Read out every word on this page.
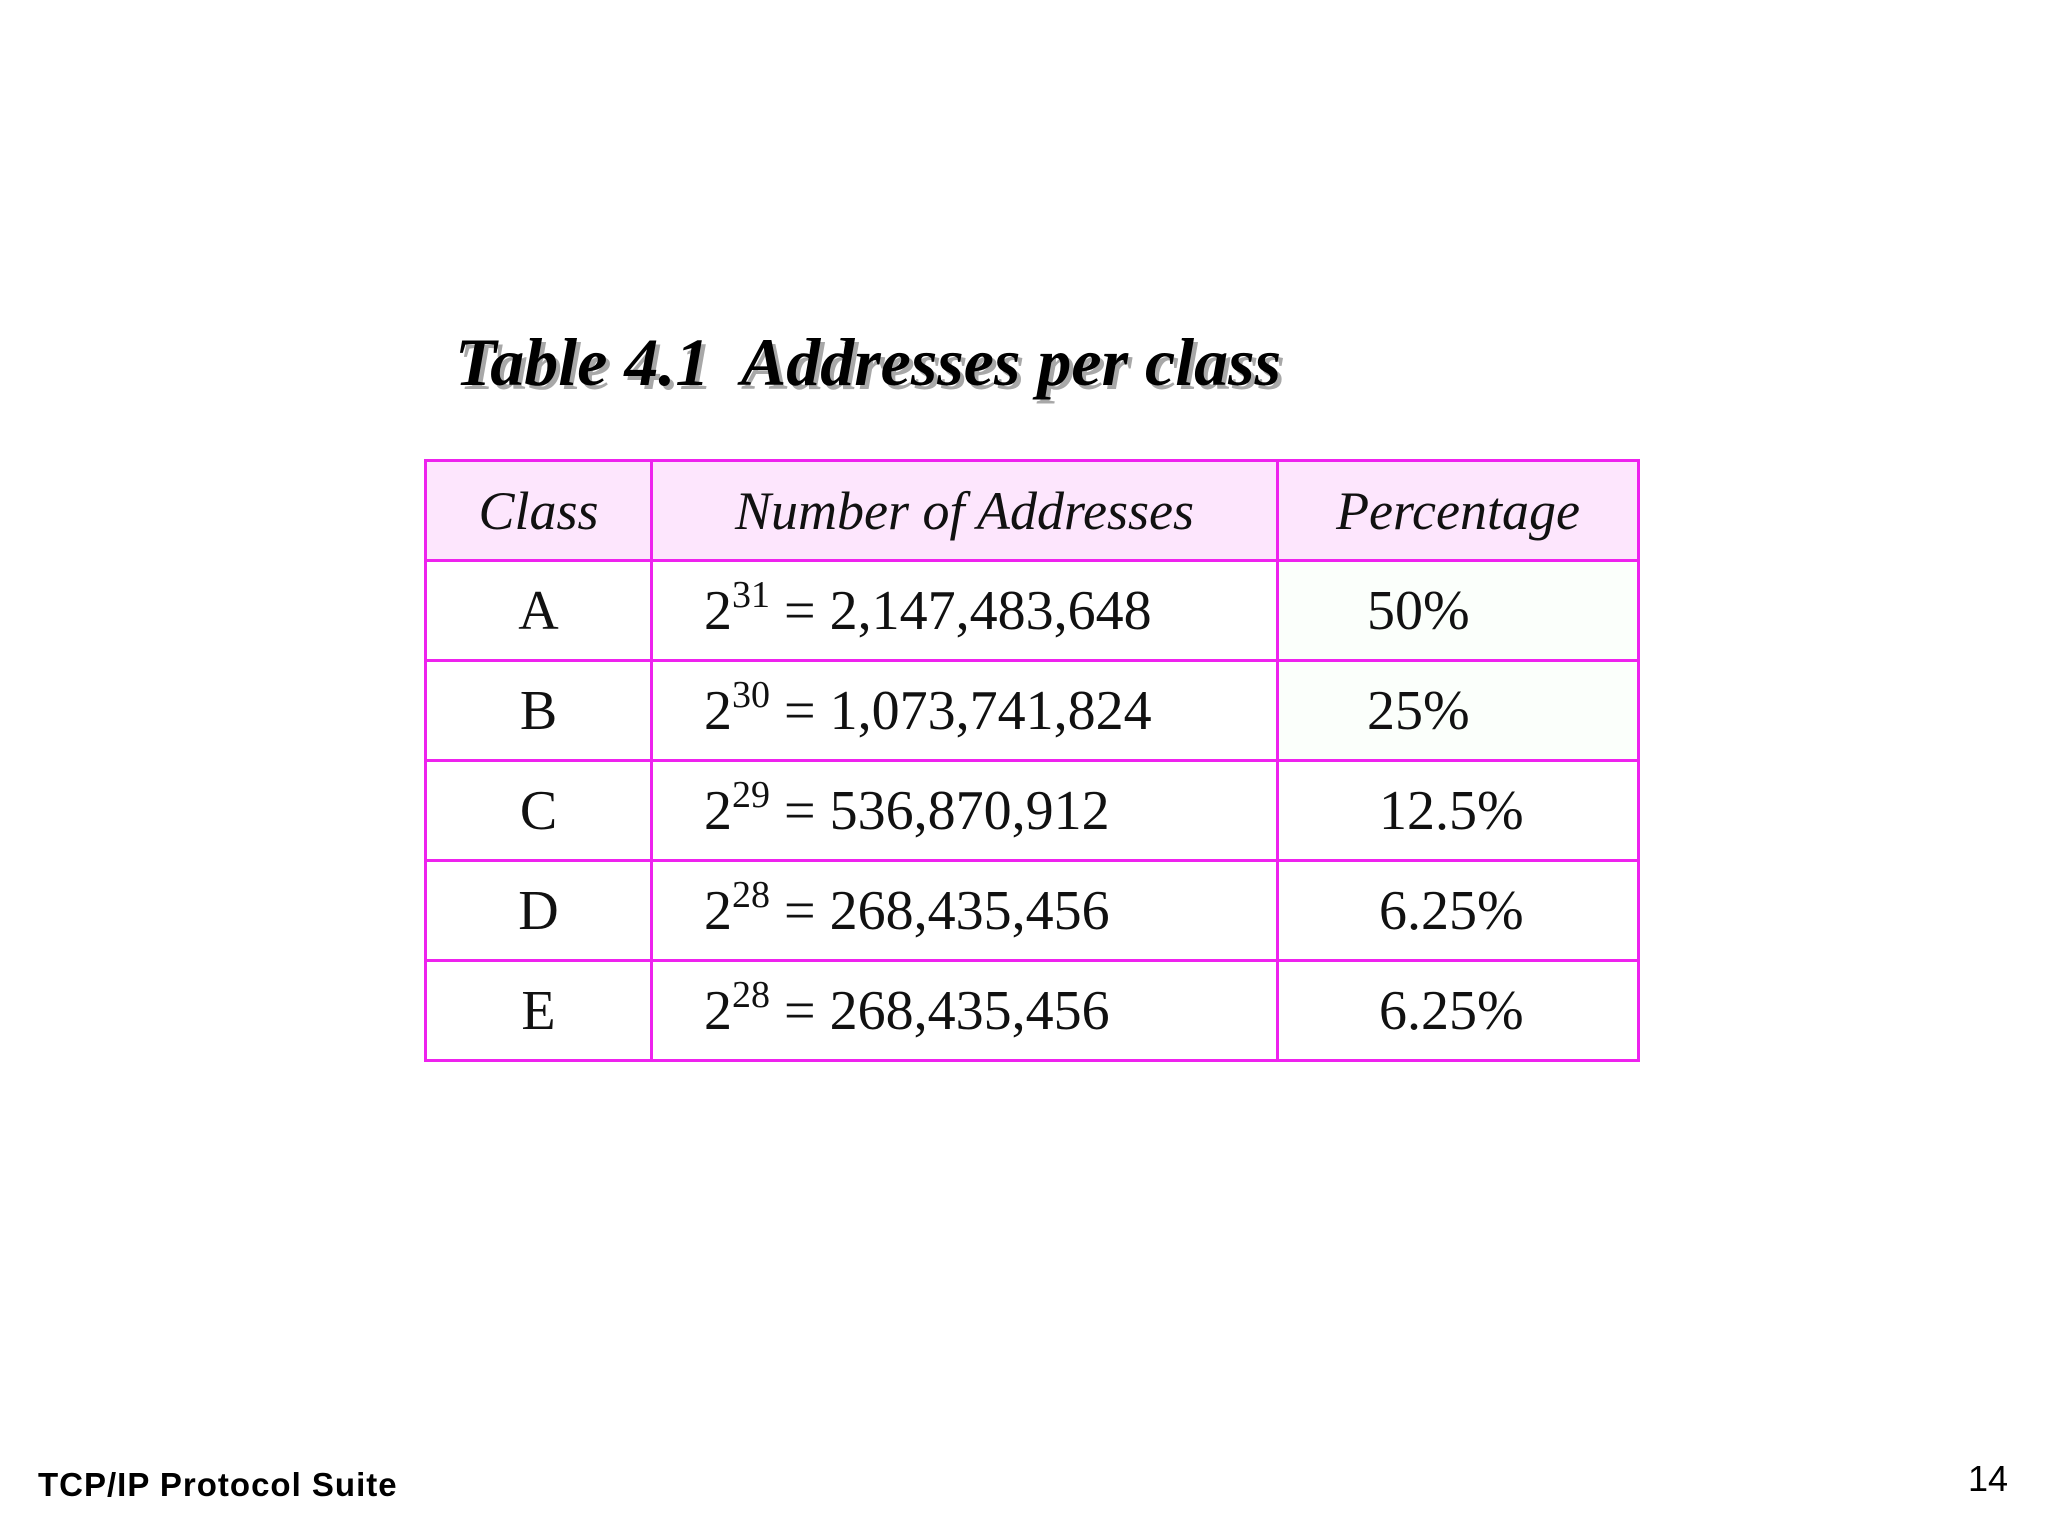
Table 4.1  Addresses per class
Class	Number of Addresses	Percentage
A	$2^{31} = 2,147,483,648$	50%
B	$2^{30} = 1,073,741,824$	25%
C	$2^{29} = 536,870,912$	12.5%
D	$2^{28} = 268,435,456$	6.25%
E	$2^{28} = 268,435,456$	6.25%
TCP/IP Protocol Suite	14
